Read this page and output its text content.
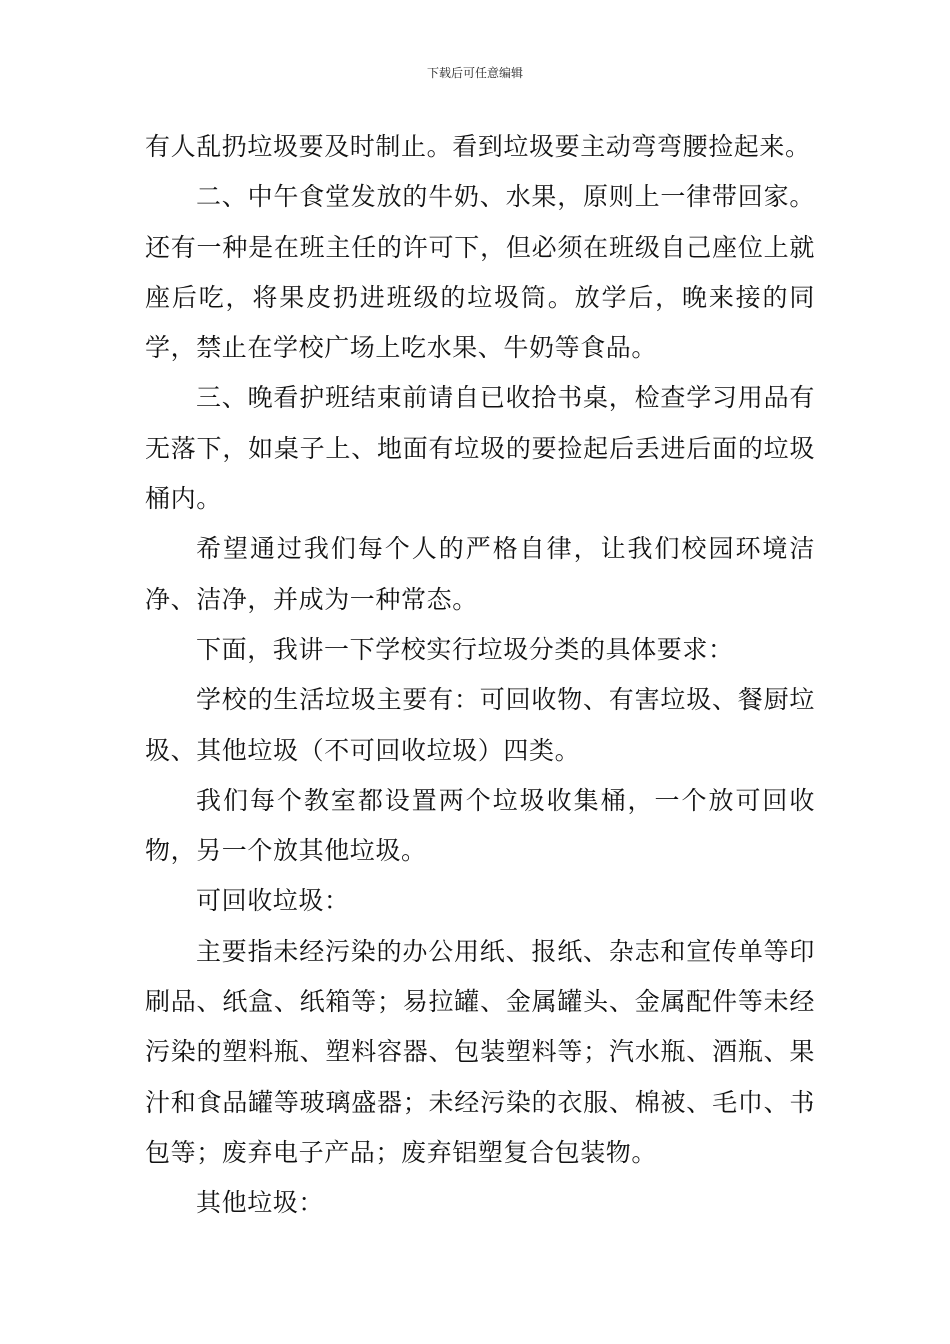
下载后可任意编辑

有人乱扔垃圾要及时制止。看到垃圾要主动弯弯腰捡起来。

二、中午食堂发放的牛奶、水果，原则上一律带回家。还有一种是在班主任的许可下，但必须在班级自己座位上就座后吃，将果皮扔进班级的垃圾筒。放学后，晚来接的同学，禁止在学校广场上吃水果、牛奶等食品。

三、晚看护班结束前请自已收拾书桌，检查学习用品有无落下，如桌子上、地面有垃圾的要捡起后丢进后面的垃圾桶内。

希望通过我们每个人的严格自律，让我们校园环境洁净、洁净，并成为一种常态。

下面，我讲一下学校实行垃圾分类的具体要求：

学校的生活垃圾主要有：可回收物、有害垃圾、餐厨垃圾、其他垃圾（不可回收垃圾）四类。

我们每个教室都设置两个垃圾收集桶，一个放可回收物，另一个放其他垃圾。

可回收垃圾：

主要指未经污染的办公用纸、报纸、杂志和宣传单等印刷品、纸盒、纸箱等；易拉罐、金属罐头、金属配件等未经污染的塑料瓶、塑料容器、包装塑料等；汽水瓶、酒瓶、果汁和食品罐等玻璃盛器；未经污染的衣服、棉被、毛巾、书包等；废弃电子产品；废弃铝塑复合包装物。

其他垃圾：
